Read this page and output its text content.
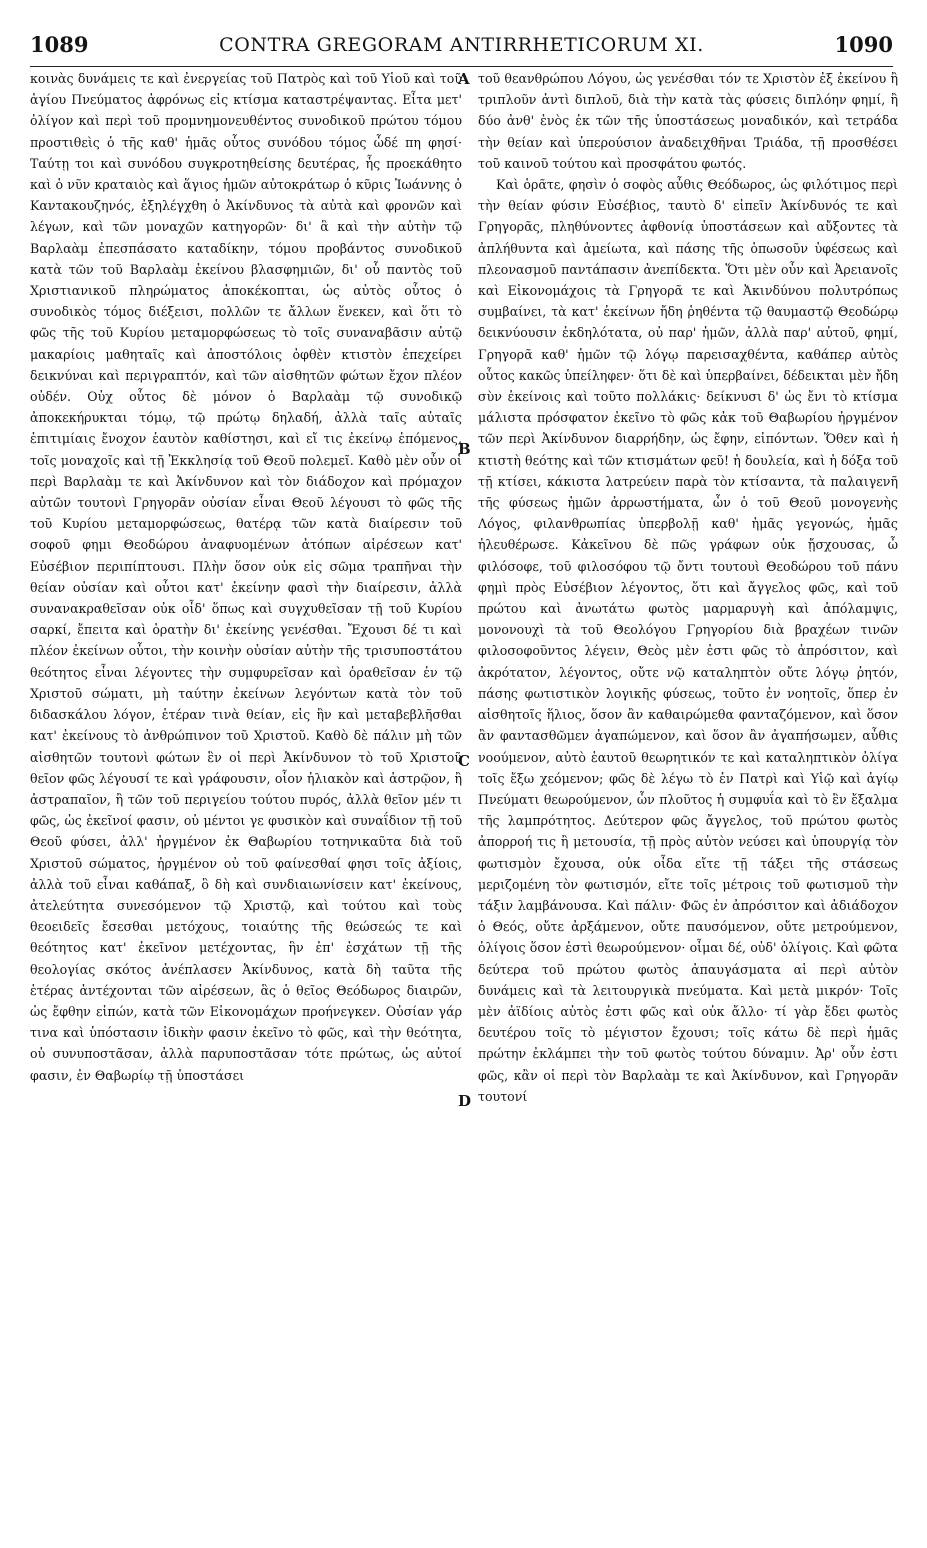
1089	CONTRA GREGORAM ANTIRRHETICORUM XI.	1090

κοινὰς δυνάμεις τε καὶ ἐνεργείας τοῦ Πατρὸς καὶ τοῦ Υἱοῦ καὶ τοῦ ἁγίου Πνεύματος ἀφρόνως εἰς κτίσμα καταστρέψαντας. Εἶτα μετ' ὀλίγον καὶ περὶ τοῦ προμνημονευθέντος συνοδικοῦ πρώτου τόμου προστιθεὶς ὁ τῆς καθ' ἡμᾶς οὗτος συνόδου τόμος ὧδέ πη φησί· Ταύτῃ τοι καὶ συνόδου συγκροτηθείσης δευτέρας, ἧς προεκάθητο καὶ ὁ νῦν κραταιὸς καὶ ἅγιος ἡμῶν αὐτοκράτωρ ὁ κῦρις Ἰωάννης ὁ Καντακουζηνός, ἐξηλέγχθη ὁ Ἀκίνδυνος τὰ αὐτὰ καὶ φρονῶν καὶ λέγων, καὶ τῶν μοναχῶν κατηγορῶν· δι' ἃ καὶ τὴν αὐτὴν τῷ Βαρλαὰμ ἐπεσπάσατο καταδίκην, τόμου προβάντος συνοδικοῦ κατὰ τῶν τοῦ Βαρλαὰμ ἐκείνου βλασφημιῶν, δι' οὗ παντὸς τοῦ Χριστιανικοῦ πληρώματος ἀποκέκοπται, ὡς αὐτὸς οὗτος ὁ συνοδικὸς τόμος διέξεισι, πολλῶν τε ἄλλων ἕνεκεν, καὶ ὅτι τὸ φῶς τῆς τοῦ Κυρίου μεταμορφώσεως τὸ τοῖς συναναβᾶσιν αὐτῷ μακαρίοις μαθηταῖς καὶ ἀποστόλοις ὀφθὲν κτιστὸν ἐπεχείρει δεικνύναι καὶ περιγραπτόν, καὶ τῶν αἰσθητῶν φώτων ἔχον πλέον οὐδέν. Οὐχ οὗτος δὲ μόνον ὁ Βαρλαὰμ τῷ συνοδικῷ ἀποκεκήρυκται τόμῳ, τῷ πρώτῳ δηλαδή, ἀλλὰ ταῖς αὐταῖς ἐπιτιμίαις ἔνοχον ἑαυτὸν καθίστησι, καὶ εἴ τις ἐκείνῳ ἑπόμενος, τοῖς μοναχοῖς καὶ τῇ Ἐκκλησίᾳ τοῦ Θεοῦ πολεμεῖ. Καθὸ μὲν οὖν οἱ περὶ Βαρλαὰμ τε καὶ Ἀκίνδυνον καὶ τὸν διάδοχον καὶ πρόμαχον αὐτῶν τουτονὶ Γρηγορᾶν οὐσίαν εἶναι Θεοῦ λέγουσι τὸ φῶς τῆς τοῦ Κυρίου μεταμορφώσεως, θατέρᾳ τῶν κατὰ διαίρεσιν τοῦ σοφοῦ φημι Θεοδώρου ἀναφυομένων ἀτόπων αἱρέσεων κατ' Εὐσέβιον περιπίπτουσι. Πλὴν ὅσον οὐκ εἰς σῶμα τραπῆναι τὴν θείαν οὐσίαν καὶ οὗτοι κατ' ἐκείνην φασὶ τὴν διαίρεσιν, ἀλλὰ συνανακραθεῖσαν οὐκ οἶδ' ὅπως καὶ συγχυθεῖσαν τῇ τοῦ Κυρίου σαρκί, ἔπειτα καὶ ὁρατὴν δι' ἐκείνης γενέσθαι. Ἔχουσι δέ τι καὶ πλέον ἐκείνων οὗτοι, τὴν κοινὴν οὐσίαν αὐτὴν τῆς τρισυποστάτου θεότητος εἶναι λέγοντες τὴν συμφυρεῖσαν καὶ ὁραθεῖσαν ἐν τῷ Χριστοῦ σώματι, μὴ ταύτην ἐκείνων λεγόντων κατὰ τὸν τοῦ διδασκάλου λόγον, ἑτέραν τινὰ θείαν, εἰς ἣν καὶ μεταβεβλῆσθαι κατ' ἐκείνους τὸ ἀνθρώπινον τοῦ Χριστοῦ. Καθὸ δὲ πάλιν μὴ τῶν αἰσθητῶν τουτονὶ φώτων ἓν οἱ περὶ Ἀκίνδυνον τὸ τοῦ Χριστοῦ θεῖον φῶς λέγουσί τε καὶ γράφουσιν, οἷον ἡλιακὸν καὶ ἀστρῷον, ἢ ἀστραπαῖον, ἢ τῶν τοῦ περιγείου τούτου πυρός, ἀλλὰ θεῖον μέν τι φῶς, ὡς ἐκεῖνοί φασιν, οὐ μέντοι γε φυσικὸν καὶ συναΐδιον τῇ τοῦ Θεοῦ φύσει, ἀλλ' ἠργμένον ἐκ Θαβωρίου τοτηνικαῦτα διὰ τοῦ Χριστοῦ σώματος, ἠργμένον οὐ τοῦ φαίνεσθαί φησι τοῖς ἀξίοις, ἀλλὰ τοῦ εἶναι καθάπαξ, ὃ δὴ καὶ συνδιαιωνίσειν κατ' ἐκείνους, ἀτελεύτητα συνεσόμενον τῷ Χριστῷ, καὶ τούτου καὶ τοὺς θεοειδεῖς ἔσεσθαι μετόχους, τοιαύτης τῆς θεώσεώς τε καὶ θεότητος κατ' ἐκεῖνον μετέχοντας, ἣν ἐπ' ἐσχάτων τῇ τῆς θεολογίας σκότος ἀνέπλασεν Ἀκίνδυνος, κατὰ δὴ ταῦτα τῆς ἑτέρας ἀντέχονται τῶν αἱρέσεων, ἃς ὁ θεῖος Θεόδωρος διαιρῶν, ὡς ἔφθην εἰπών, κατὰ τῶν Εἰκονομάχων προήνεγκεν. Οὐσίαν γάρ τινα καὶ ὑπόστασιν ἰδικὴν φασιν ἐκεῖνο τὸ φῶς, καὶ τὴν θεότητα, οὐ συνυποστᾶσαν, ἀλλὰ παρυποστᾶσαν τότε πρώτως, ὡς αὐτοί φασιν, ἐν Θαβωρίῳ τῇ ὑποστάσει

A
B
C
D

τοῦ θεανθρώπου Λόγου, ὡς γενέσθαι τόν τε Χριστὸν ἐξ ἐκείνου ἢ τριπλοῦν ἀντὶ διπλοῦ, διὰ τὴν κατὰ τὰς φύσεις διπλόην φημί, ἢ δύο ἀνθ' ἑνὸς ἐκ τῶν τῆς ὑποστάσεως μοναδικόν, καὶ τετράδα τὴν θείαν καὶ ὑπερούσιον ἀναδειχθῆναι Τριάδα, τῇ προσθέσει τοῦ καινοῦ τούτου καὶ προσφάτου φωτός.

Καὶ ὁρᾶτε, φησὶν ὁ σοφὸς αὖθις Θεόδωρος, ὡς φιλότιμος περὶ τὴν θείαν φύσιν Εὐσέβιος, ταυτὸ δ' εἰπεῖν Ἀκίνδυνός τε καὶ Γρηγορᾶς, πληθύνοντες ἀφθονίᾳ ὑποστάσεων καὶ αὔξοντες τὰ ἀπλήθυντα καὶ ἀμείωτα, καὶ πάσης τῆς ὁπωσοῦν ὑφέσεως καὶ πλεονασμοῦ παντάπασιν ἀνεπίδεκτα. Ὅτι μὲν οὖν καὶ Ἀρειανοῖς καὶ Εἰκονομάχοις τὰ Γρηγορᾶ τε καὶ Ἀκινδύνου πολυτρόπως συμβαίνει, τὰ κατ' ἐκείνων ἤδη ῥηθέντα τῷ θαυμαστῷ Θεοδώρῳ δεικνύουσιν ἐκδηλότατα, οὐ παρ' ἡμῶν, ἀλλὰ παρ' αὐτοῦ, φημί, Γρηγορᾶ καθ' ἡμῶν τῷ λόγῳ παρεισαχθέντα, καθάπερ αὐτὸς οὗτος κακῶς ὑπείληφεν· ὅτι δὲ καὶ ὑπερβαίνει, δέδεικται μὲν ἤδη σὺν ἐκείνοις καὶ τοῦτο πολλάκις· δείκνυσι δ' ὡς ἔνι τὸ κτίσμα μάλιστα πρόσφατον ἐκεῖνο τὸ φῶς κἀκ τοῦ Θαβωρίου ἠργμένον τῶν περὶ Ἀκίνδυνον διαρρήδην, ὡς ἔφην, εἰπόντων. Ὅθεν καὶ ἡ κτιστὴ θεότης καὶ τῶν κτισμάτων φεῦ! ἡ δουλεία, καὶ ἡ δόξα τοῦ τῇ κτίσει, κάκιστα λατρεύειν παρὰ τὸν κτίσαντα, τὰ παλαιγενῆ τῆς φύσεως ἡμῶν ἀρρωστήματα, ὧν ὁ τοῦ Θεοῦ μονογενὴς Λόγος, φιλανθρωπίας ὑπερβολῇ καθ' ἡμᾶς γεγονώς, ἡμᾶς ἠλευθέρωσε. Κἀκεῖνου δὲ πῶς γράφων οὐκ ᾔσχουσας, ὦ φιλόσοφε, τοῦ φιλοσόφου τῷ ὄντι τουτουὶ Θεοδώρου τοῦ πάνυ φημὶ πρὸς Εὐσέβιον λέγοντος, ὅτι καὶ ἄγγελος φῶς, καὶ τοῦ πρώτου καὶ ἀνωτάτω φωτὸς μαρμαρυγὴ καὶ ἀπόλαμψις, μονονουχὶ τὰ τοῦ Θεολόγου Γρηγορίου διὰ βραχέων τινῶν φιλοσοφοῦντος λέγειν, Θεὸς μὲν ἐστι φῶς τὸ ἀπρόσιτον, καὶ ἀκρότατον, λέγοντος, οὔτε νῷ καταληπτὸν οὔτε λόγῳ ῥητόν, πάσης φωτιστικὸν λογικῆς φύσεως, τοῦτο ἐν νοητοῖς, ὅπερ ἐν αἰσθητοῖς ἥλιος, ὅσον ἂν καθαιρώμεθα φανταζόμενον, καὶ ὅσον ἂν φαντασθῶμεν ἀγαπώμενον, καὶ ὅσον ἂν ἀγαπήσωμεν, αὖθις νοούμενον, αὐτὸ ἑαυτοῦ θεωρητικόν τε καὶ καταληπτικὸν ὀλίγα τοῖς ἔξω χεόμενον; φῶς δὲ λέγω τὸ ἐν Πατρὶ καὶ Υἱῷ καὶ ἁγίῳ Πνεύματι θεωρούμενον, ὧν πλοῦτος ἡ συμφυΐα καὶ τὸ ἓν ἔξαλμα τῆς λαμπρότητος. Δεύτερον φῶς ἄγγελος, τοῦ πρώτου φωτὸς ἀπορροή τις ἢ μετουσία, τῇ πρὸς αὐτὸν νεύσει καὶ ὑπουργίᾳ τὸν φωτισμὸν ἔχουσα, οὐκ οἶδα εἴτε τῇ τάξει τῆς στάσεως μεριζομένη τὸν φωτισμόν, εἴτε τοῖς μέτροις τοῦ φωτισμοῦ τὴν τάξιν λαμβάνουσα. Καὶ πάλιν· Φῶς ἐν ἀπρόσιτον καὶ ἀδιάδοχον ὁ Θεός, οὔτε ἀρξάμενον, οὔτε παυσόμενον, οὔτε μετρούμενον, ὀλίγοις ὅσον ἐστὶ θεωρούμενον· οἶμαι δέ, οὐδ' ὀλίγοις. Καὶ φῶτα δεύτερα τοῦ πρώτου φωτὸς ἀπαυγάσματα αἱ περὶ αὐτὸν δυνάμεις καὶ τὰ λειτουργικὰ πνεύματα. Καὶ μετὰ μικρόν· Τοῖς μὲν ἀϊδίοις αὐτὸς ἐστι φῶς καὶ οὐκ ἄλλο· τί γὰρ ἔδει φωτὸς δευτέρου τοῖς τὸ μέγιστον ἔχουσι; τοῖς κάτω δὲ περὶ ἡμᾶς πρώτην ἐκλάμπει τὴν τοῦ φωτὸς τούτου δύναμιν. Ἀρ' οὖν ἐστι φῶς, κἂν οἱ περὶ τὸν Βαρλαὰμ τε καὶ Ἀκίνδυνον, καὶ Γρηγορᾶν τουτονί
